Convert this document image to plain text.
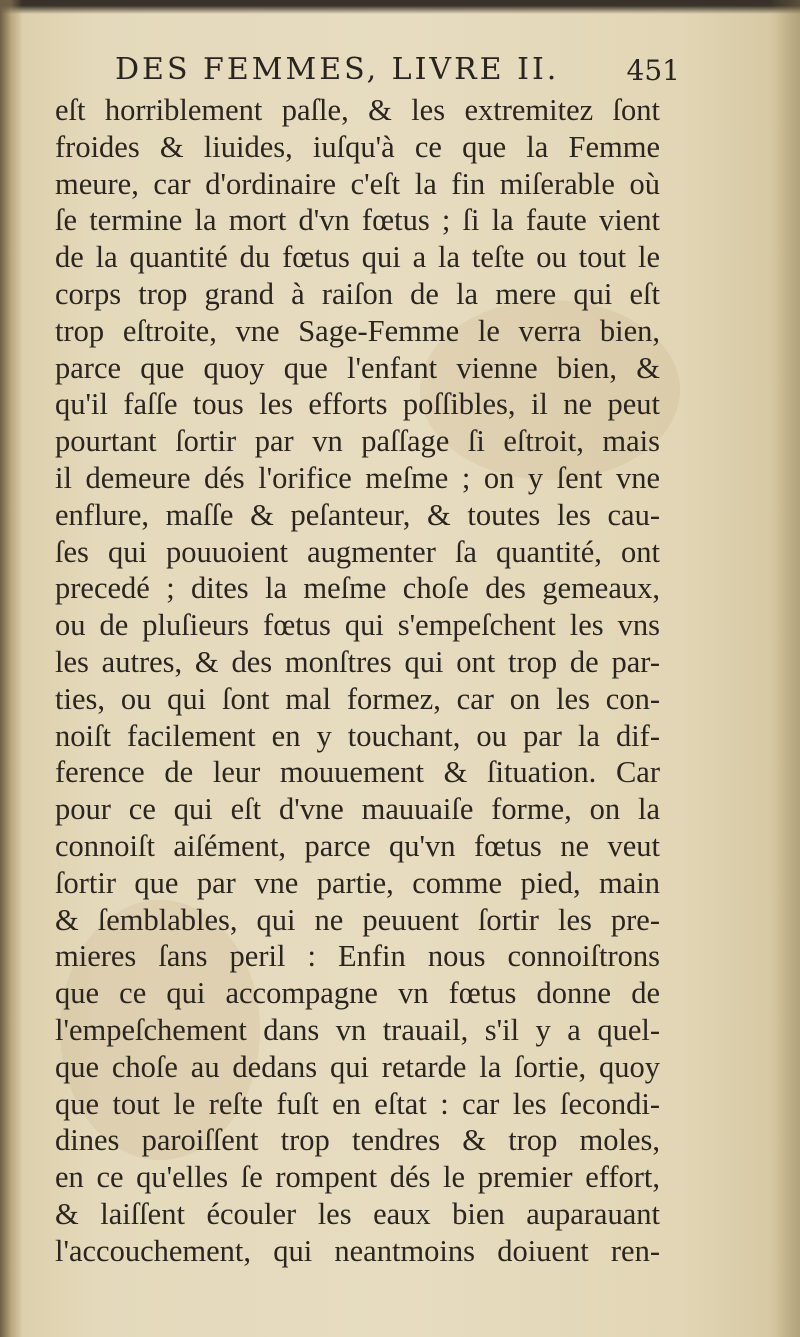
DES FEMMES, LIVRE II. 451
eſt horriblement paſle, & les extremitez ſont
froides & liuides, iuſqu'à ce que la Femme
meure, car d'ordinaire c'eſt la fin miſerable où
ſe termine la mort d'vn fœtus ; ſi la faute vient
de la quantité du fœtus qui a la teſte ou tout le
corps trop grand à raiſon de la mere qui eſt
trop eſtroite, vne Sage-Femme le verra bien,
parce que quoy que l'enfant vienne bien, &
qu'il faſſe tous les efforts poſſibles, il ne peut
pourtant ſortir par vn paſſage ſi eſtroit, mais
il demeure dés l'orifice meſme ; on y ſent vne
enflure, maſſe & peſanteur, & toutes les cau-
ſes qui pouuoient augmenter ſa quantité, ont
precedé ; dites la meſme choſe des gemeaux,
ou de pluſieurs fœtus qui s'empeſchent les vns
les autres, & des monſtres qui ont trop de par-
ties, ou qui ſont mal formez, car on les con-
noiſt facilement en y touchant, ou par la dif-
ference de leur mouuement & ſituation. Car
pour ce qui eſt d'vne mauuaiſe forme, on la
connoiſt aiſément, parce qu'vn fœtus ne veut
ſortir que par vne partie, comme pied, main
& ſemblables, qui ne peuuent ſortir les pre-
mieres ſans peril : Enfin nous connoiſtrons
que ce qui accompagne vn fœtus donne de
l'empeſchement dans vn trauail, s'il y a quel-
que choſe au dedans qui retarde la ſortie, quoy
que tout le reſte fuſt en eſtat : car les ſecondi-
dines paroiſſent trop tendres & trop moles,
en ce qu'elles ſe rompent dés le premier effort,
& laiſſent écouler les eaux bien auparauant
l'accouchement, qui neantmoins doiuent ren-
